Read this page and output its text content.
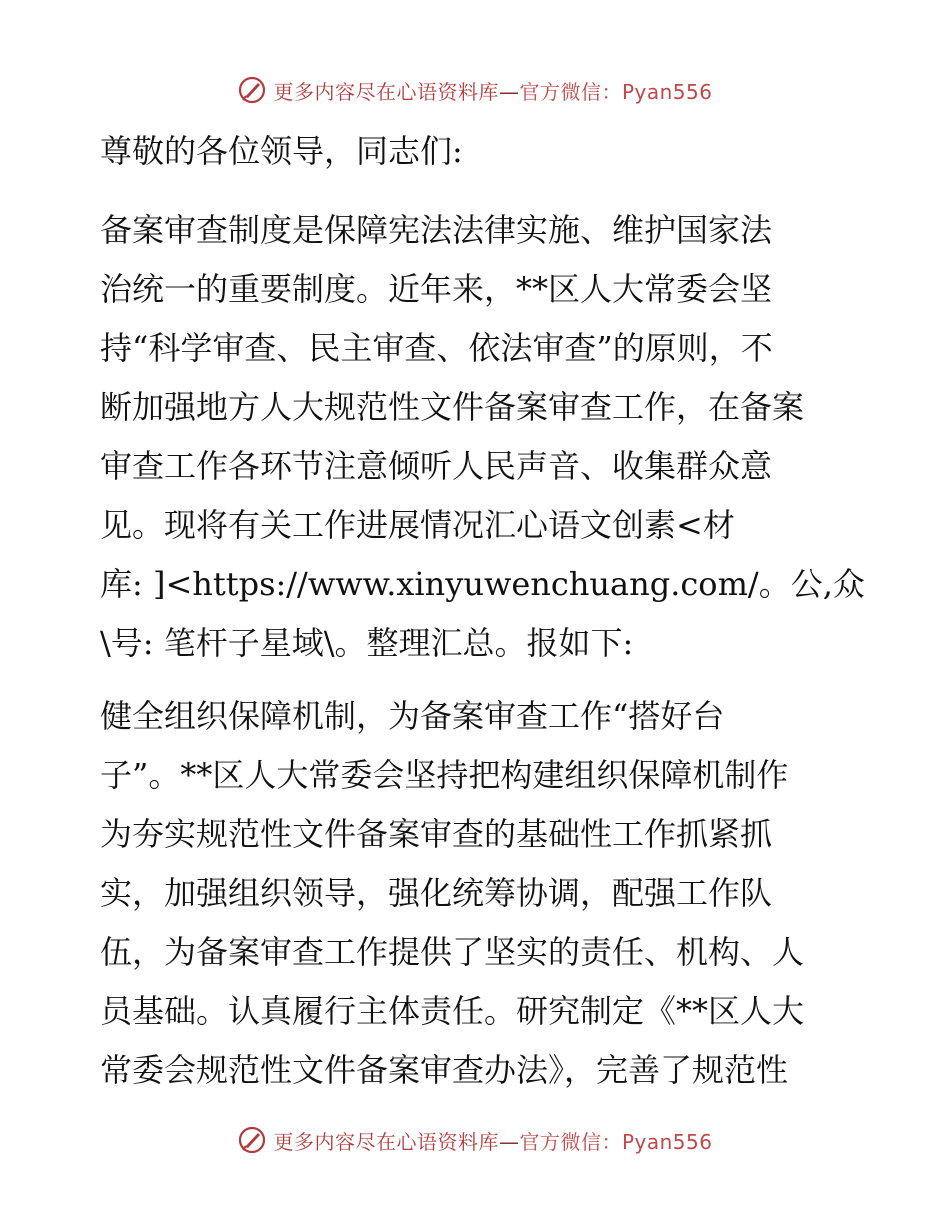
更多内容尽在心语资料库—官方微信：Pyan556

尊敬的各位领导，同志们:

备案审查制度是保障宪法法律实施、维护国家法
治统一的重要制度。近年来，**区人大常委会坚
持“科学审查、民主审查、依法审查”的原则，不
断加强地方人大规范性文件备案审查工作，在备案
审查工作各环节注意倾听人民声音、收集群众意
见。现将有关工作进展情况汇心语文创素<材
库: ]<https://www.xinyuwenchuang.com/。公,众
\号: 笔杆子星域\。整理汇总。报如下:

健全组织保障机制，为备案审查工作“搭好台
子”。**区人大常委会坚持把构建组织保障机制作
为夯实规范性文件备案审查的基础性工作抓紧抓
实，加强组织领导，强化统筹协调，配强工作队
伍，为备案审查工作提供了坚实的责任、机构、人
员基础。认真履行主体责任。研究制定《**区人大
常委会规范性文件备案审查办法》，完善了规范性

更多内容尽在心语资料库—官方微信：Pyan556
